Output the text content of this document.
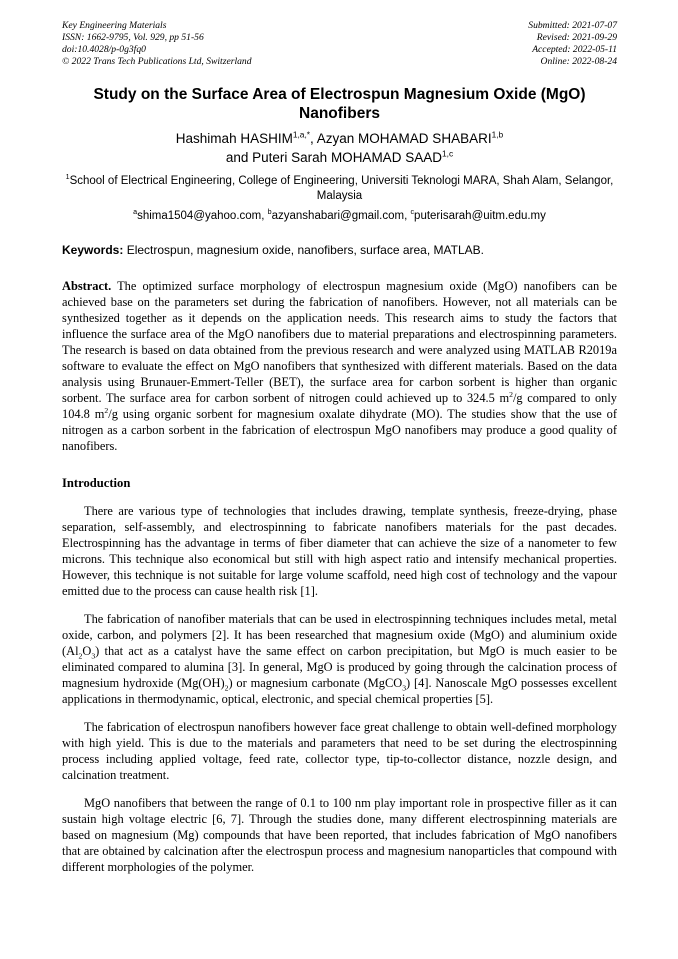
Key Engineering Materials
ISSN: 1662-9795, Vol. 929, pp 51-56
doi:10.4028/p-0g3fq0
© 2022 Trans Tech Publications Ltd, Switzerland
Submitted: 2021-07-07
Revised: 2021-09-29
Accepted: 2022-05-11
Online: 2022-08-24
Study on the Surface Area of Electrospun Magnesium Oxide (MgO) Nanofibers
Hashimah $HASHIM^{1,a,*}$, Azyan MOHAMAD SHABARI$^{1,b}$
and Puteri Sarah MOHAMAD SAAD$^{1,c}$
$^1$School of Electrical Engineering, College of Engineering, Universiti Teknologi MARA, Shah Alam, Selangor, Malaysia
$^a$shima1504@yahoo.com, $^b$azyanshabari@gmail.com, $^c$puterisarah@uitm.edu.my

Keywords: Electrospun, magnesium oxide, nanofibers, surface area, MATLAB.

Abstract. The optimized surface morphology of electrospun magnesium oxide (MgO) nanofibers can be achieved base on the parameters set during the fabrication of nanofibers. However, not all materials can be synthesized together as it depends on the application needs. This research aims to study the factors that influence the surface area of the MgO nanofibers due to material preparations and electrospinning parameters. The research is based on data obtained from the previous research and were analyzed using MATLAB R2019a software to evaluate the effect on MgO nanofibers that synthesized with different materials. Based on the data analysis using Brunauer-Emmert-Teller (BET), the surface area for carbon sorbent is higher than organic sorbent. The surface area for carbon sorbent of nitrogen could achieved up to 324.5 $m^2/g$ compared to only 104.8 $m^2/g$ using organic sorbent for magnesium oxalate dihydrate (MO). The studies show that the use of nitrogen as a carbon sorbent in the fabrication of electrospun MgO nanofibers may produce a good quality of nanofibers.

Introduction

There are various type of technologies that includes drawing, template synthesis, freeze-drying, phase separation, self-assembly, and electrospinning to fabricate nanofibers materials for the past decades. Electrospinning has the advantage in terms of fiber diameter that can achieve the size of a nanometer to few microns. This technique also economical but still with high aspect ratio and intensify mechanical properties. However, this technique is not suitable for large volume scaffold, need high cost of technology and the vapour emitted due to the process can cause health risk [1].

The fabrication of nanofiber materials that can be used in electrospinning techniques includes metal, metal oxide, carbon, and polymers [2]. It has been researched that magnesium oxide (MgO) and aluminium oxide $(Al_2O_3)$ that act as a catalyst have the same effect on carbon precipitation, but MgO is much easier to be eliminated compared to alumina [3]. In general, MgO is produced by going through the calcination process of magnesium hydroxide $(Mg(OH)_2)$ or magnesium carbonate (MgCO$_3$) [4]. Nanoscale MgO possesses excellent applications in thermodynamic, optical, electronic, and special chemical properties [5].

The fabrication of electrospun nanofibers however face great challenge to obtain well-defined morphology with high yield. This is due to the materials and parameters that need to be set during the electrospinning process including applied voltage, feed rate, collector type, tip-to-collector distance, nozzle design, and calcination treatment.

MgO nanofibers that between the range of 0.1 to 100 nm play important role in prospective filler as it can sustain high voltage electric [6, 7]. Through the studies done, many different electrospinning materials are based on magnesium (Mg) compounds that have been reported, that includes fabrication of MgO nanofibers that are obtained by calcination after the electrospun process and magnesium nanoparticles that compound with different morphologies of the polymer.
